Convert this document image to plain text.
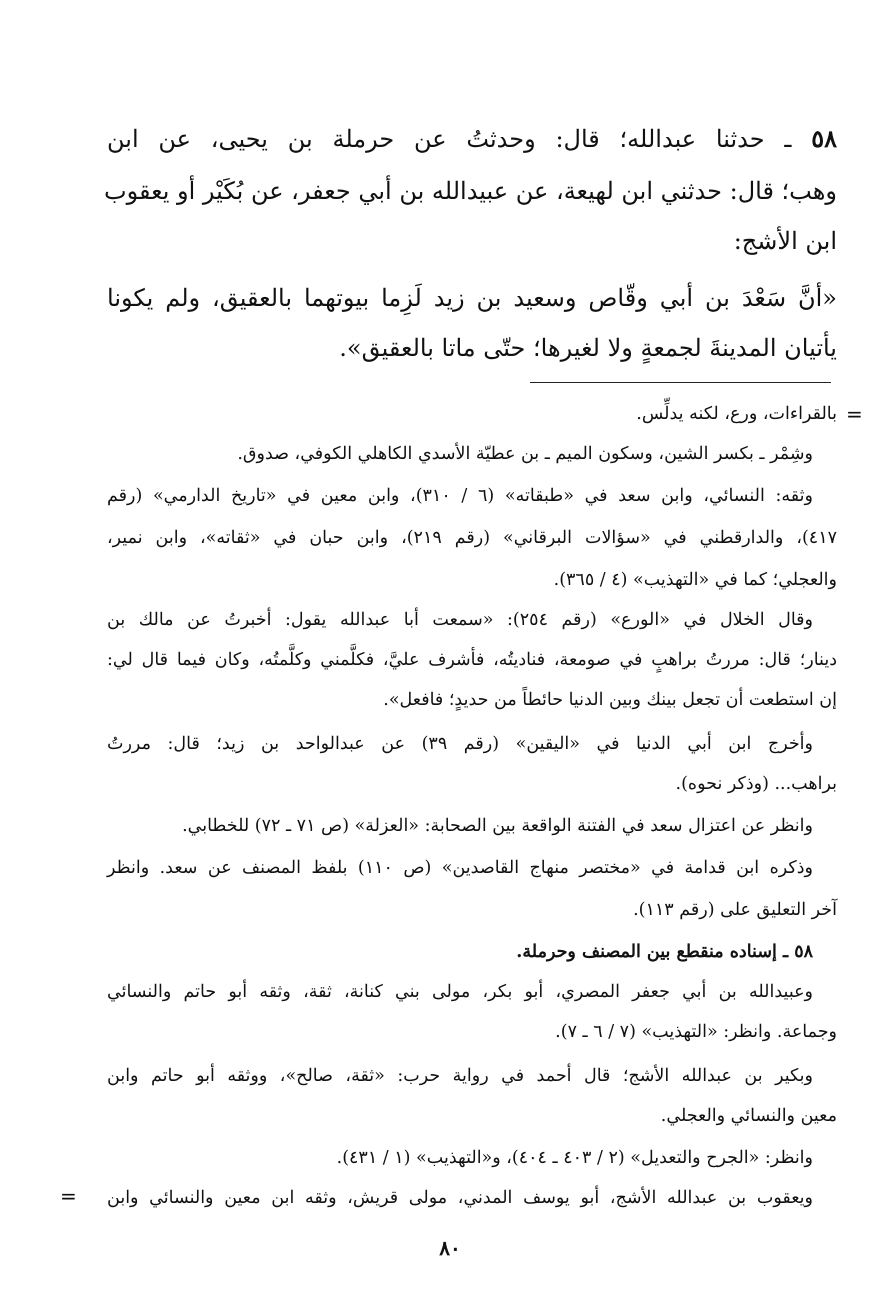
٥٨ ـ حدثنا عبدالله؛ قال: وحدثتُ عن حرملة بن يحيى، عن ابن
وهب؛ قال: حدثني ابن لهيعة، عن عبيدالله بن أبي جعفر، عن بُكَيْر أو يعقوب
ابن الأشج:
«أنَّ سَعْدَ بن أبي وقّاص وسعيد بن زيد لَزِما بيوتهما بالعقيق، ولم يكونا
يأتيان المدينةَ لجمعةٍ ولا لغيرها؛ حتّى ماتا بالعقيق».
=
=
بالقراءات، ورع، لكنه يدلِّس.
وشِمْر ـ بكسر الشين، وسكون الميم ـ بن عطيّة الأسدي الكاهلي الكوفي، صدوق.
وثقه: النسائي، وابن سعد في «طبقاته» (٦ / ٣١٠)، وابن معين في «تاريخ الدارمي» (رقم
٤١٧)، والدارقطني في «سؤالات البرقاني» (رقم ٢١٩)، وابن حبان في «ثقاته»، وابن نمير،
والعجلي؛ كما في «التهذيب» (٤ / ٣٦٥).
وقال الخلال في «الورع» (رقم ٢٥٤): «سمعت أبا عبدالله يقول: أخبرتُ عن مالك بن
دينار؛ قال: مررتُ براهبٍ في صومعة، فناديتُه، فأشرف عليَّ، فكلَّمني وكلَّمتُه، وكان فيما قال لي:
إن استطعت أن تجعل بينك وبين الدنيا حائطاً من حديدٍ؛ فافعل».
وأخرج ابن أبي الدنيا في «اليقين» (رقم ٣٩) عن عبدالواحد بن زيد؛ قال: مررتُ
براهب... (وذكر نحوه).
وانظر عن اعتزال سعد في الفتنة الواقعة بين الصحابة: «العزلة» (ص ٧١ ـ ٧٢) للخطابي.
وذكره ابن قدامة في «مختصر منهاج القاصدين» (ص ١١٠) بلفظ المصنف عن سعد. وانظر
آخر التعليق على (رقم ١١٣).
٥٨ ـ إسناده منقطع بين المصنف وحرملة.
وعبيدالله بن أبي جعفر المصري، أبو بكر، مولى بني كنانة، ثقة، وثقه أبو حاتم والنسائي
وجماعة. وانظر: «التهذيب» (٧ / ٦ ـ ٧).
وبكير بن عبدالله الأشج؛ قال أحمد في رواية حرب: «ثقة، صالح»، ووثقه أبو حاتم وابن
معين والنسائي والعجلي.
وانظر: «الجرح والتعديل» (٢ / ٤٠٣ ـ ٤٠٤)، و«التهذيب» (١ / ٤٣١).
ويعقوب بن عبدالله الأشج، أبو يوسف المدني، مولى قريش، وثقه ابن معين والنسائي وابن
٨٠
